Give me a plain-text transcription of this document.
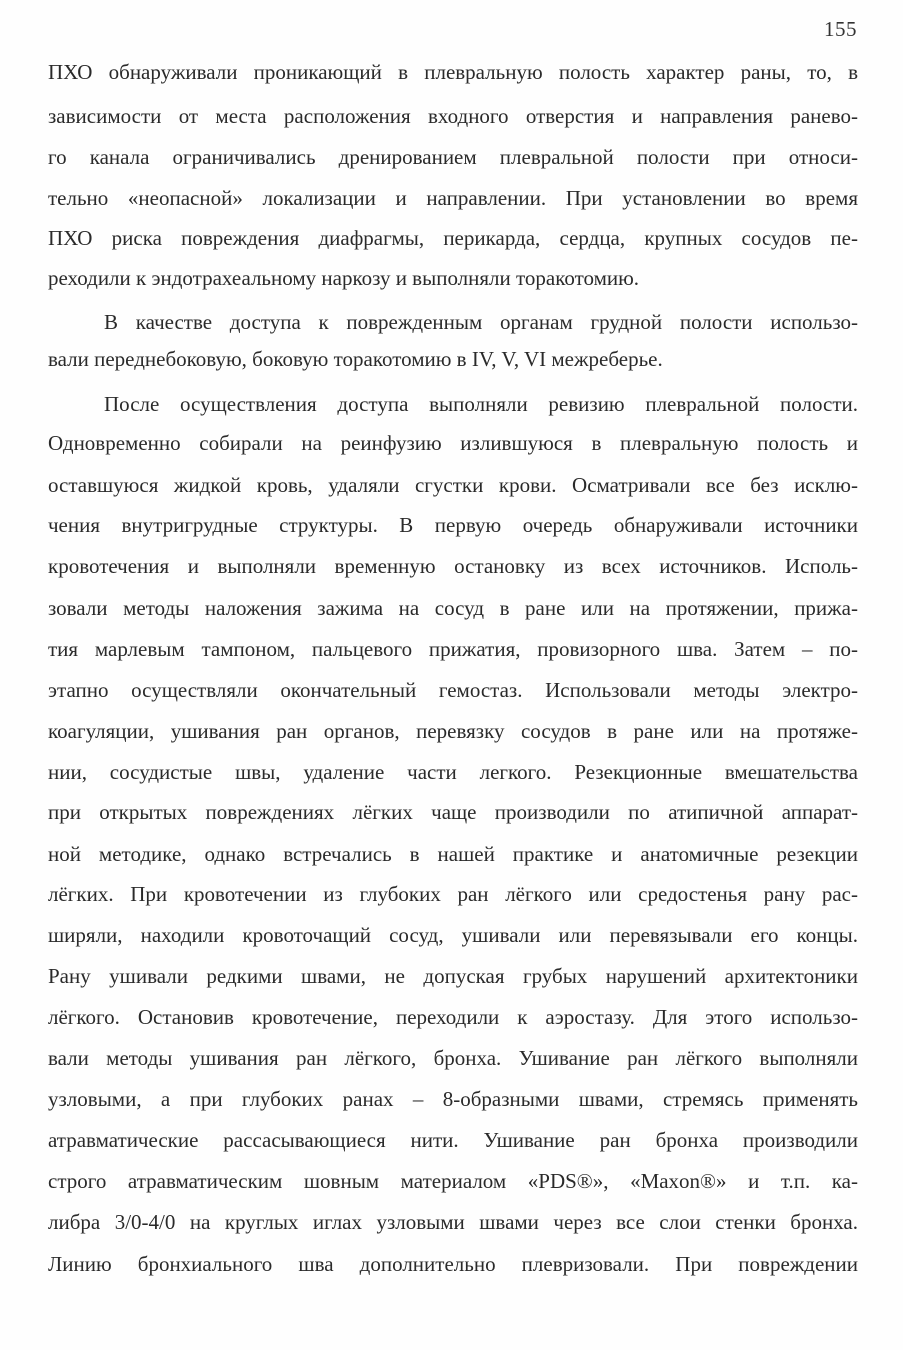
155
ПХО обнаруживали проникающий в плевральную полость характер раны, то, в
зависимости от места расположения входного отверстия и направления ранево-
го канала ограничивались дренированием плевральной полости при относи-
тельно «неопасной» локализации и направлении. При установлении во время
ПХО риска повреждения диафрагмы, перикарда, сердца, крупных сосудов пе-
реходили к эндотрахеальному наркозу и выполняли торакотомию.
В качестве доступа к поврежденным органам грудной полости использо-
вали переднебоковую, боковую торакотомию в IV, V, VI межреберье.
После осуществления доступа выполняли ревизию плевральной полости.
Одновременно собирали на реинфузию излившуюся в плевральную полость и
оставшуюся жидкой кровь, удаляли сгустки крови. Осматривали все без исклю-
чения внутригрудные структуры. В первую очередь обнаруживали источники
кровотечения и выполняли временную остановку из всех источников. Исполь-
зовали методы наложения зажима на сосуд в ране или на протяжении, прижа-
тия марлевым тампоном, пальцевого прижатия, провизорного шва. Затем – по-
этапно осуществляли окончательный гемостаз. Использовали методы электро-
коагуляции, ушивания ран органов, перевязку сосудов в ране или на протяже-
нии, сосудистые швы, удаление части легкого. Резекционные вмешательства
при открытых повреждениях лёгких чаще производили по атипичной аппарат-
ной методике, однако встречались в нашей практике и анатомичные резекции
лёгких. При кровотечении из глубоких ран лёгкого или средостенья рану рас-
ширяли, находили кровоточащий сосуд, ушивали или перевязывали его концы.
Рану ушивали редкими швами, не допуская грубых нарушений архитектоники
лёгкого. Остановив кровотечение, переходили к аэростазу. Для этого использо-
вали методы ушивания ран лёгкого, бронха. Ушивание ран лёгкого выполняли
узловыми, а при глубоких ранах – 8-образными швами, стремясь применять
атравматические рассасывающиеся нити. Ушивание ран бронха производили
строго атравматическим шовным материалом «PDS®», «Maxon®» и т.п. ка-
либра 3/0-4/0 на круглых иглах узловыми швами через все слои стенки бронха.
Линию бронхиального шва дополнительно плевризовали. При повреждении
